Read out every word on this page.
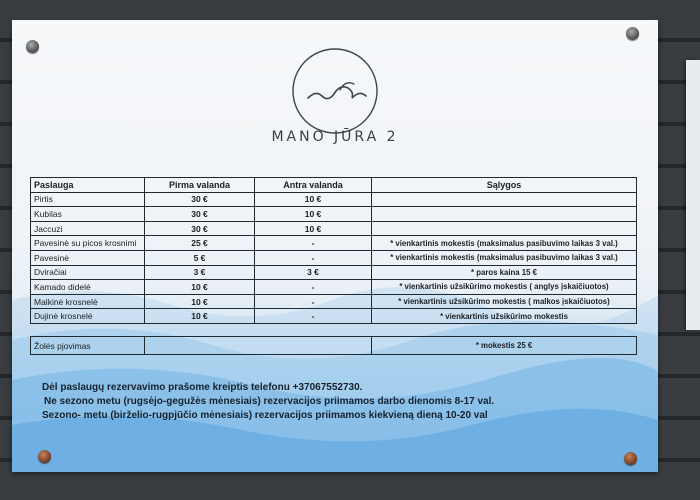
MANO JŪRA 2
Paslauga	Pirma valanda	Antra valanda	Sąlygos
Pirtis	30 €	10 €	
Kubilas	30 €	10 €	
Jaccuzi	30 €	10 €	
Pavesinė su picos krosnimi	25 €	-	* vienkartinis mokestis (maksimalus pasibuvimo laikas 3 val.)
Pavesinė	5 €	-	* vienkartinis mokestis (maksimalus pasibuvimo laikas 3 val.)
Dviračiai	3 €	3 €	* paros kaina 15 €
Kamado didelė	10 €	-	* vienkartinis užsikūrimo mokestis ( anglys įskaičiuotos)
Malkinė krosnelė	10 €	-	* vienkartinis užsikūrimo mokestis ( malkos įskaičiuotos)
Dujinė krosnelė	10 €	-	* vienkartinis užsikūrimo mokestis
Žolės pjovimas		* mokestis 25 €
Dėl paslaugų rezervavimo prašome kreiptis telefonu +37067552730.
Ne sezono metu (rugsėjo-gegužės mėnesiais) rezervacijos priimamos darbo dienomis 8-17 val.
Sezono- metu (birželio-rugpjūčio mėnesiais) rezervacijos priimamos kiekvieną dieną 10-20 val
